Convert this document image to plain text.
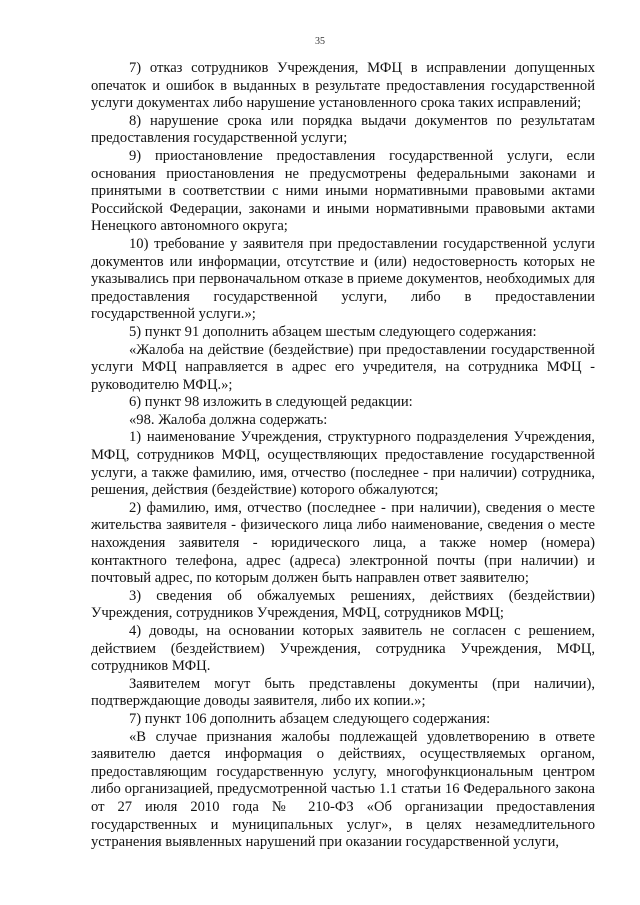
35

7) отказ сотрудников Учреждения, МФЦ в исправлении допущенных опечаток и ошибок в выданных в результате предоставления государственной услуги документах либо нарушение установленного срока таких исправлений;

8) нарушение срока или порядка выдачи документов по результатам предоставления государственной услуги;

9) приостановление предоставления государственной услуги, если основания приостановления не предусмотрены федеральными законами и принятыми в соответствии с ними иными нормативными правовыми актами Российской Федерации, законами и иными нормативными правовыми актами Ненецкого автономного округа;

10) требование у заявителя при предоставлении государственной услуги документов или информации, отсутствие и (или) недостоверность которых не указывались при первоначальном отказе в приеме документов, необходимых для предоставления государственной услуги, либо в предоставлении государственной услуги.»;

5) пункт 91 дополнить абзацем шестым следующего содержания:

«Жалоба на действие (бездействие) при предоставлении государственной услуги МФЦ направляется в адрес его учредителя, на сотрудника МФЦ - руководителю МФЦ.»;

6) пункт 98 изложить в следующей редакции:

«98. Жалоба должна содержать:

1) наименование Учреждения, структурного подразделения Учреждения, МФЦ, сотрудников МФЦ, осуществляющих предоставление государственной услуги, а также фамилию, имя, отчество (последнее - при наличии) сотрудника, решения, действия (бездействие) которого обжалуются;

2) фамилию, имя, отчество (последнее - при наличии), сведения о месте жительства заявителя - физического лица либо наименование, сведения о месте нахождения заявителя - юридического лица, а также номер (номера) контактного телефона, адрес (адреса) электронной почты (при наличии) и почтовый адрес, по которым должен быть направлен ответ заявителю;

3) сведения об обжалуемых решениях, действиях (бездействии) Учреждения, сотрудников Учреждения, МФЦ, сотрудников МФЦ;

4) доводы, на основании которых заявитель не согласен с решением, действием (бездействием) Учреждения, сотрудника Учреждения, МФЦ, сотрудников МФЦ.

Заявителем могут быть представлены документы (при наличии), подтверждающие доводы заявителя, либо их копии.»;

7) пункт 106 дополнить абзацем следующего содержания:

«В случае признания жалобы подлежащей удовлетворению в ответе заявителю дается информация о действиях, осуществляемых органом, предоставляющим государственную услугу, многофункциональным центром либо организацией, предусмотренной частью 1.1 статьи 16 Федерального закона от 27 июля 2010 года № 210-ФЗ «Об организации предоставления государственных и муниципальных услуг», в целях незамедлительного устранения выявленных нарушений при оказании государственной услуги,
